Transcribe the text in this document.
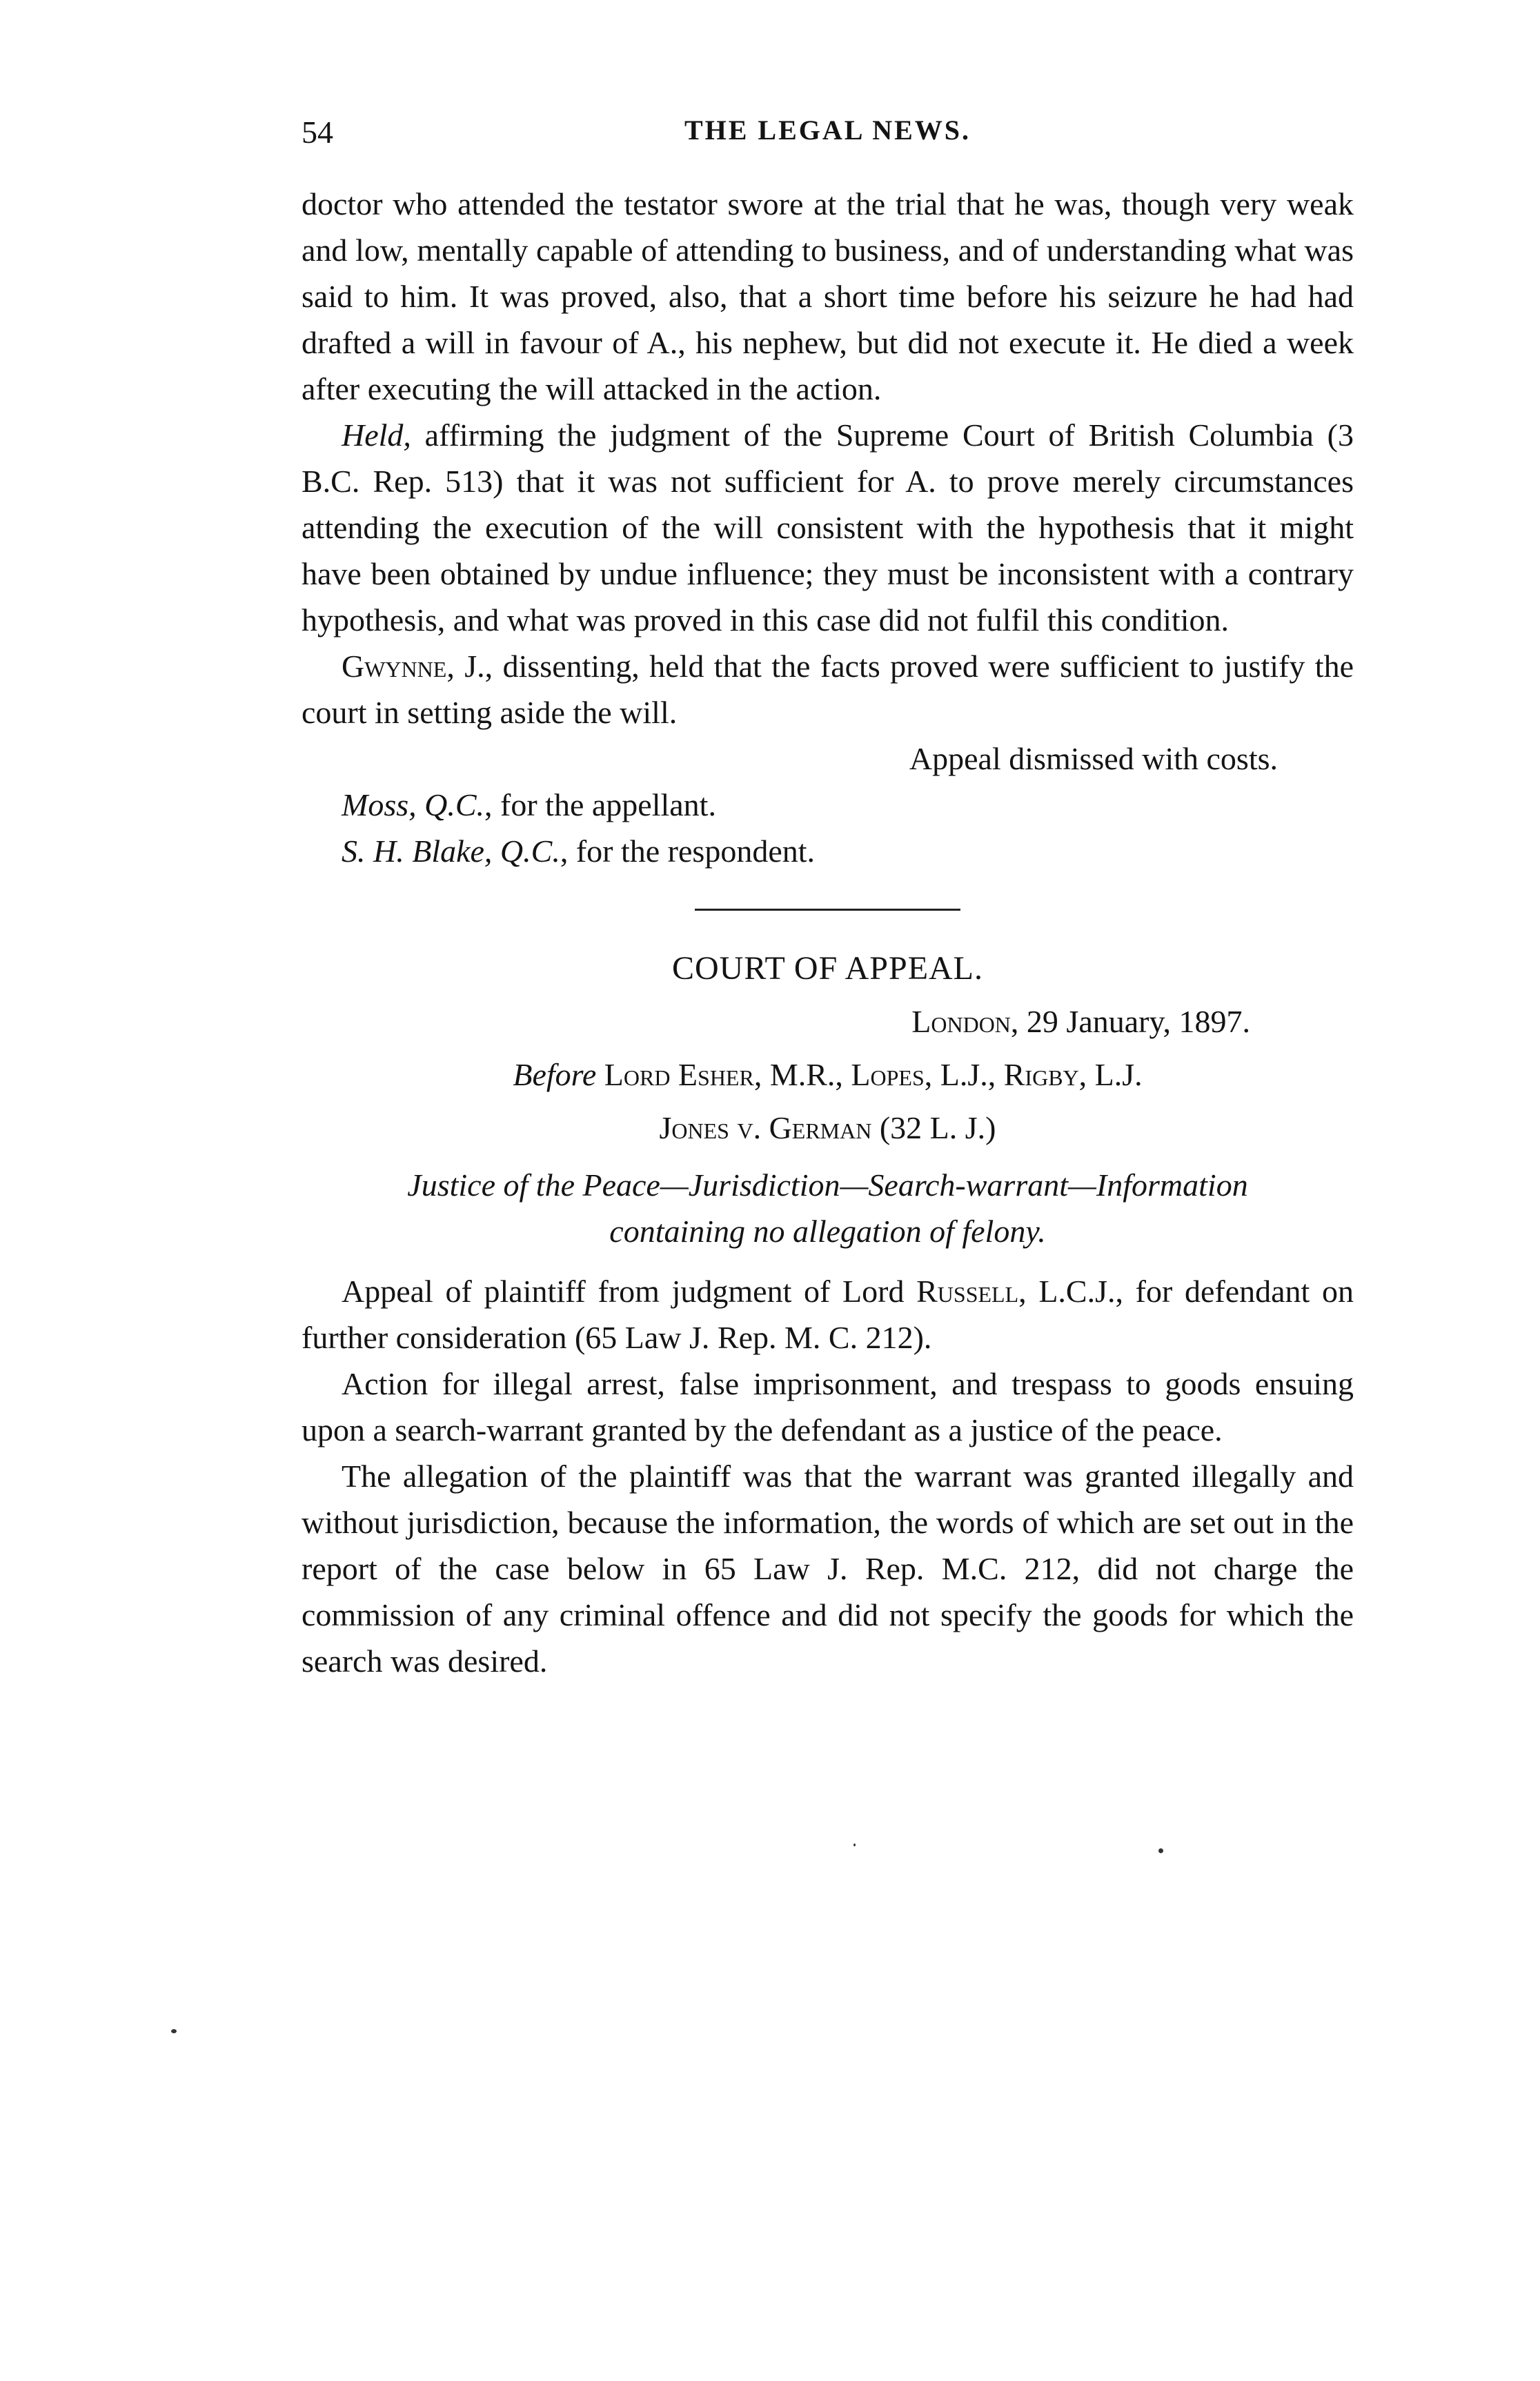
54	THE LEGAL NEWS.

doctor who attended the testator swore at the trial that he was, though very weak and low, mentally capable of attending to business, and of understanding what was said to him. It was proved, also, that a short time before his seizure he had had drafted a will in favour of A., his nephew, but did not execute it. He died a week after executing the will attacked in the action.

Held, affirming the judgment of the Supreme Court of British Columbia (3 B.C. Rep. 513) that it was not sufficient for A. to prove merely circumstances attending the execution of the will consistent with the hypothesis that it might have been obtained by undue influence; they must be inconsistent with a contrary hypothesis, and what was proved in this case did not fulfil this condition.

Gwynne, J., dissenting, held that the facts proved were sufficient to justify the court in setting aside the will.

Appeal dismissed with costs.

Moss, Q.C., for the appellant.

S. H. Blake, Q.C., for the respondent.

COURT OF APPEAL.

London, 29 January, 1897.

Before Lord Esher, M.R., Lopes, L.J., Rigby, L.J.

Jones v. German (32 L. J.)

Justice of the Peace—Jurisdiction—Search-warrant—Information
containing no allegation of felony.

Appeal of plaintiff from judgment of Lord Russell, L.C.J., for defendant on further consideration (65 Law J. Rep. M. C. 212).

Action for illegal arrest, false imprisonment, and trespass to goods ensuing upon a search-warrant granted by the defendant as a justice of the peace.

The allegation of the plaintiff was that the warrant was granted illegally and without jurisdiction, because the information, the words of which are set out in the report of the case below in 65 Law J. Rep. M.C. 212, did not charge the commission of any criminal offence and did not specify the goods for which the search was desired.
